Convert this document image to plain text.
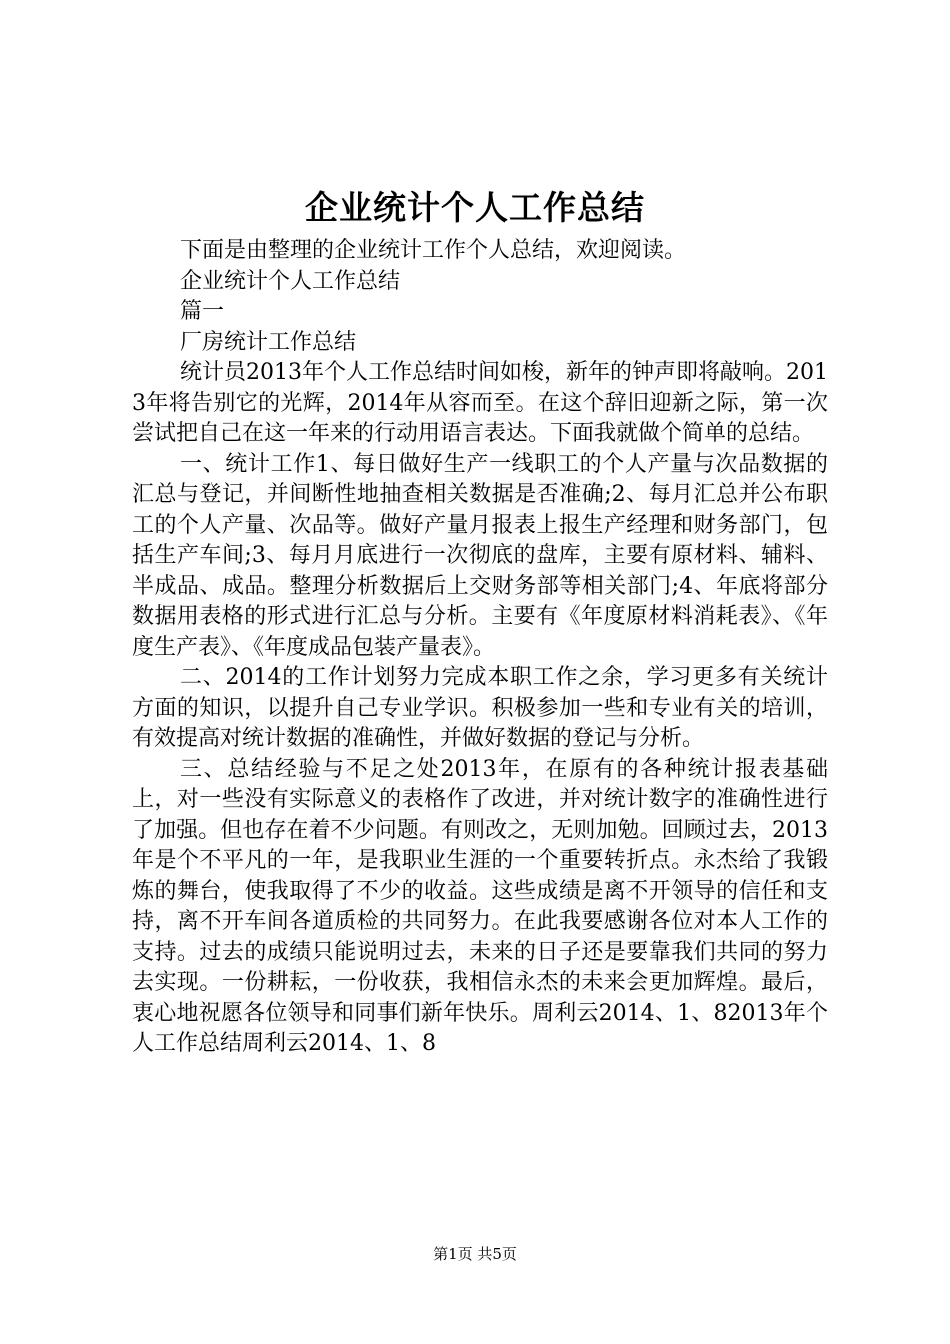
企业统计个人工作总结

下面是由整理的企业统计工作个人总结，欢迎阅读。

企业统计个人工作总结

篇一

厂房统计工作总结

统计员2013年个人工作总结时间如梭，新年的钟声即将敲响。2013年将告别它的光辉，2014年从容而至。在这个辞旧迎新之际，第一次尝试把自己在这一年来的行动用语言表达。下面我就做个简单的总结。

一、统计工作1、每日做好生产一线职工的个人产量与次品数据的汇总与登记，并间断性地抽查相关数据是否准确;2、每月汇总并公布职工的个人产量、次品等。做好产量月报表上报生产经理和财务部门，包括生产车间;3、每月月底进行一次彻底的盘库，主要有原材料、辅料、半成品、成品。整理分析数据后上交财务部等相关部门;4、年底将部分数据用表格的形式进行汇总与分析。主要有《年度原材料消耗表》、《年度生产表》、《年度成品包装产量表》。

二、2014的工作计划努力完成本职工作之余，学习更多有关统计方面的知识，以提升自己专业学识。积极参加一些和专业有关的培训，有效提高对统计数据的准确性，并做好数据的登记与分析。

三、总结经验与不足之处2013年，在原有的各种统计报表基础上，对一些没有实际意义的表格作了改进，并对统计数字的准确性进行了加强。但也存在着不少问题。有则改之，无则加勉。回顾过去，2013年是个不平凡的一年，是我职业生涯的一个重要转折点。永杰给了我锻炼的舞台，使我取得了不少的收益。这些成绩是离不开领导的信任和支持，离不开车间各道质检的共同努力。在此我要感谢各位对本人工作的支持。过去的成绩只能说明过去，未来的日子还是要靠我们共同的努力去实现。一份耕耘，一份收获，我相信永杰的未来会更加辉煌。最后，衷心地祝愿各位领导和同事们新年快乐。周利云2014、1、82013年个人工作总结周利云2014、1、8

第1页 共5页
